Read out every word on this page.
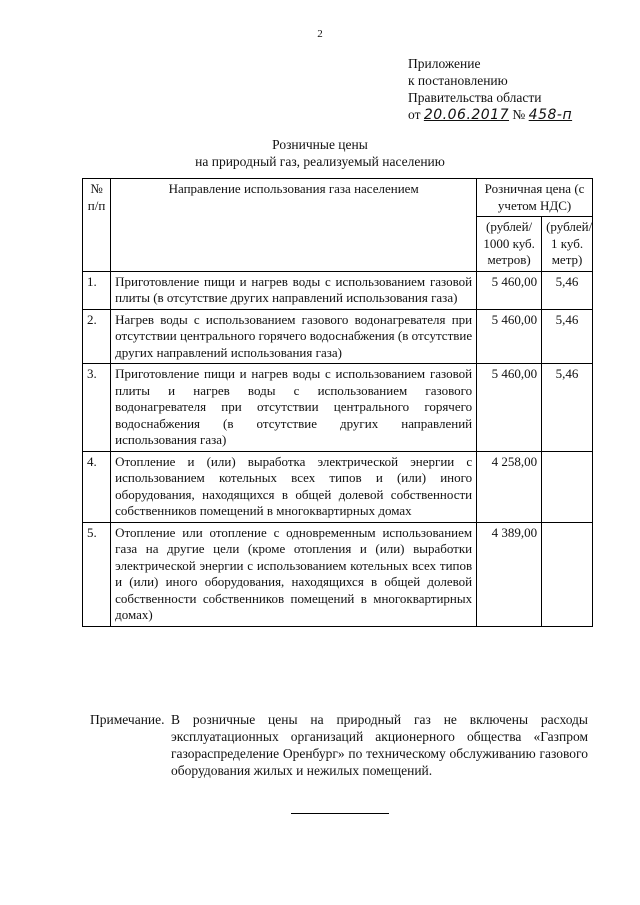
2
Приложение
к постановлению
Правительства области
от 20.06.2017 № 458-п
Розничные цены
на природный газ, реализуемый населению
№ п/п	Направление использования газа населением	Розничная цена (с учетом НДС)	
		(рублей/ 1000 куб. метров)	(рублей/ 1 куб. метр)
1.	Приготовление пищи и нагрев воды с использованием газовой плиты (в отсутствие других направлений использования газа)	5 460,00	5,46
2.	Нагрев воды с использованием газового водонагревателя при отсутствии центрального горячего водоснабжения (в отсутствие других направлений использования газа)	5 460,00	5,46
3.	Приготовление пищи и нагрев воды с использованием газовой плиты и нагрев воды с использованием газового водонагревателя при отсутствии центрального горячего водоснабжения (в отсутствие других направлений использования газа)	5 460,00	5,46
4.	Отопление и (или) выработка электрической энергии с использованием котельных всех типов и (или) иного оборудования, находящихся в общей долевой собственности собственников помещений в многоквартирных домах	4 258,00	
5.	Отопление или отопление с одновременным использованием газа на другие цели (кроме отопления и (или) выработки электрической энергии с использованием котельных всех типов и (или) иного оборудования, находящихся в общей долевой собственности собственников помещений в многоквартирных домах)	4 389,00	
Примечание. В розничные цены на природный газ не включены расходы эксплуатационных организаций акционерного общества «Газпром газораспределение Оренбург» по техническому обслуживанию газового оборудования жилых и нежилых помещений.
